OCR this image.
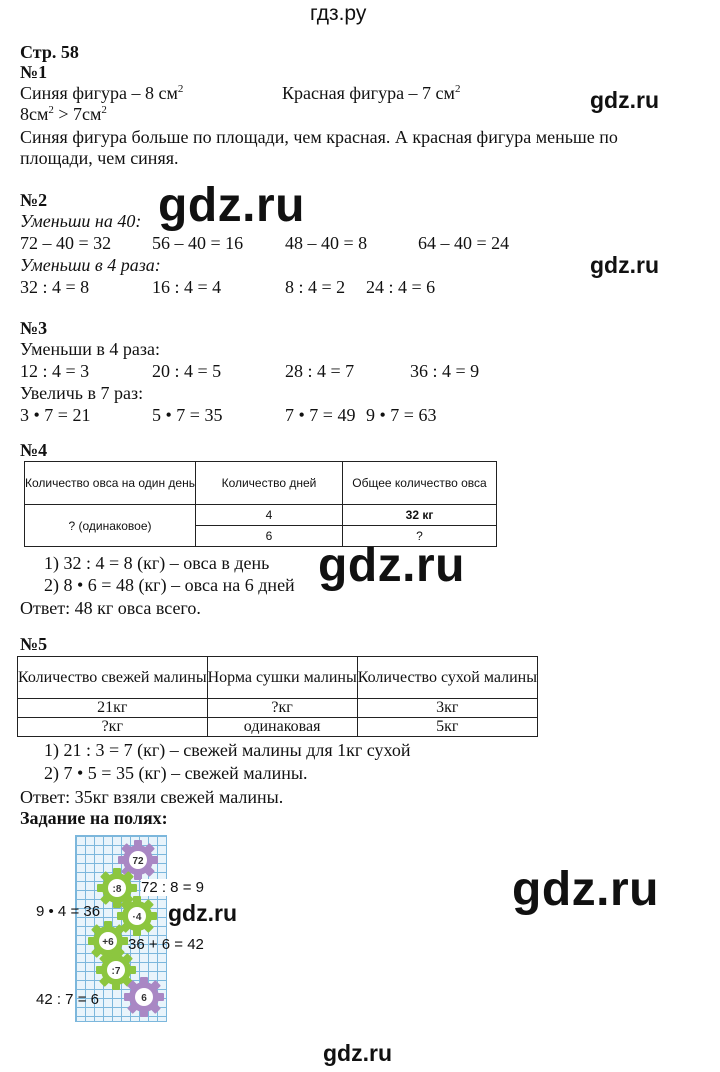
гдз.ру
gdz.ru
gdz.ru
gdz.ru
gdz.ru
gdz.ru
gdz.ru
gdz.ru
Стр. 58
№1
Синяя фигура – 8 $см^2$	Красная фигура – 7 $см^2$
$8см^2 > 7см^2$
Синяя фигура больше по площади, чем красная. А красная фигура меньше по
площади, чем синяя.
№2
Уменьши на 40:
72 – 40 = 32 56 – 40 = 16 48 – 40 = 8	64 – 40 = 24
Уменьши в 4 раза:
32 : 4 = 8	16 : 4 = 4	8 : 4 = 2 24 : 4 = 6
№3
Уменьши в 4 раза:
12 : 4 = 3	20 : 4 = 5	28 : 4 = 7	36 : 4 = 9
Увеличь в 7 раз:
3 • 7 = 21	5 • 7 = 35	7 • 7 = 49 9 • 7 = 63
№4
Количество овса на один день	Количество дней	Общее количество овса
? (одинаковое)	4	32 кг
	6	?
1) 32 : 4 = 8 (кг) – овса в день
2) 8 • 6 = 48 (кг) – овса на 6 дней
Ответ: 48 кг овса всего.
№5
Количество свежей малины	Норма сушки малины	Количество сухой малины
21кг	?кг	3кг
?кг	одинаковая	5кг
1) 21 : 3 = 7 (кг) – свежей малины для 1кг сухой
2) 7 • 5 = 35 (кг) – свежей малины.
Ответ: 35кг взяли свежей малины.
Задание на полях:
72
:8
·4
+6
:7
6
72 : 8 = 9
9 • 4 = 36
36 + 6 = 42
42 : 7 = 6
